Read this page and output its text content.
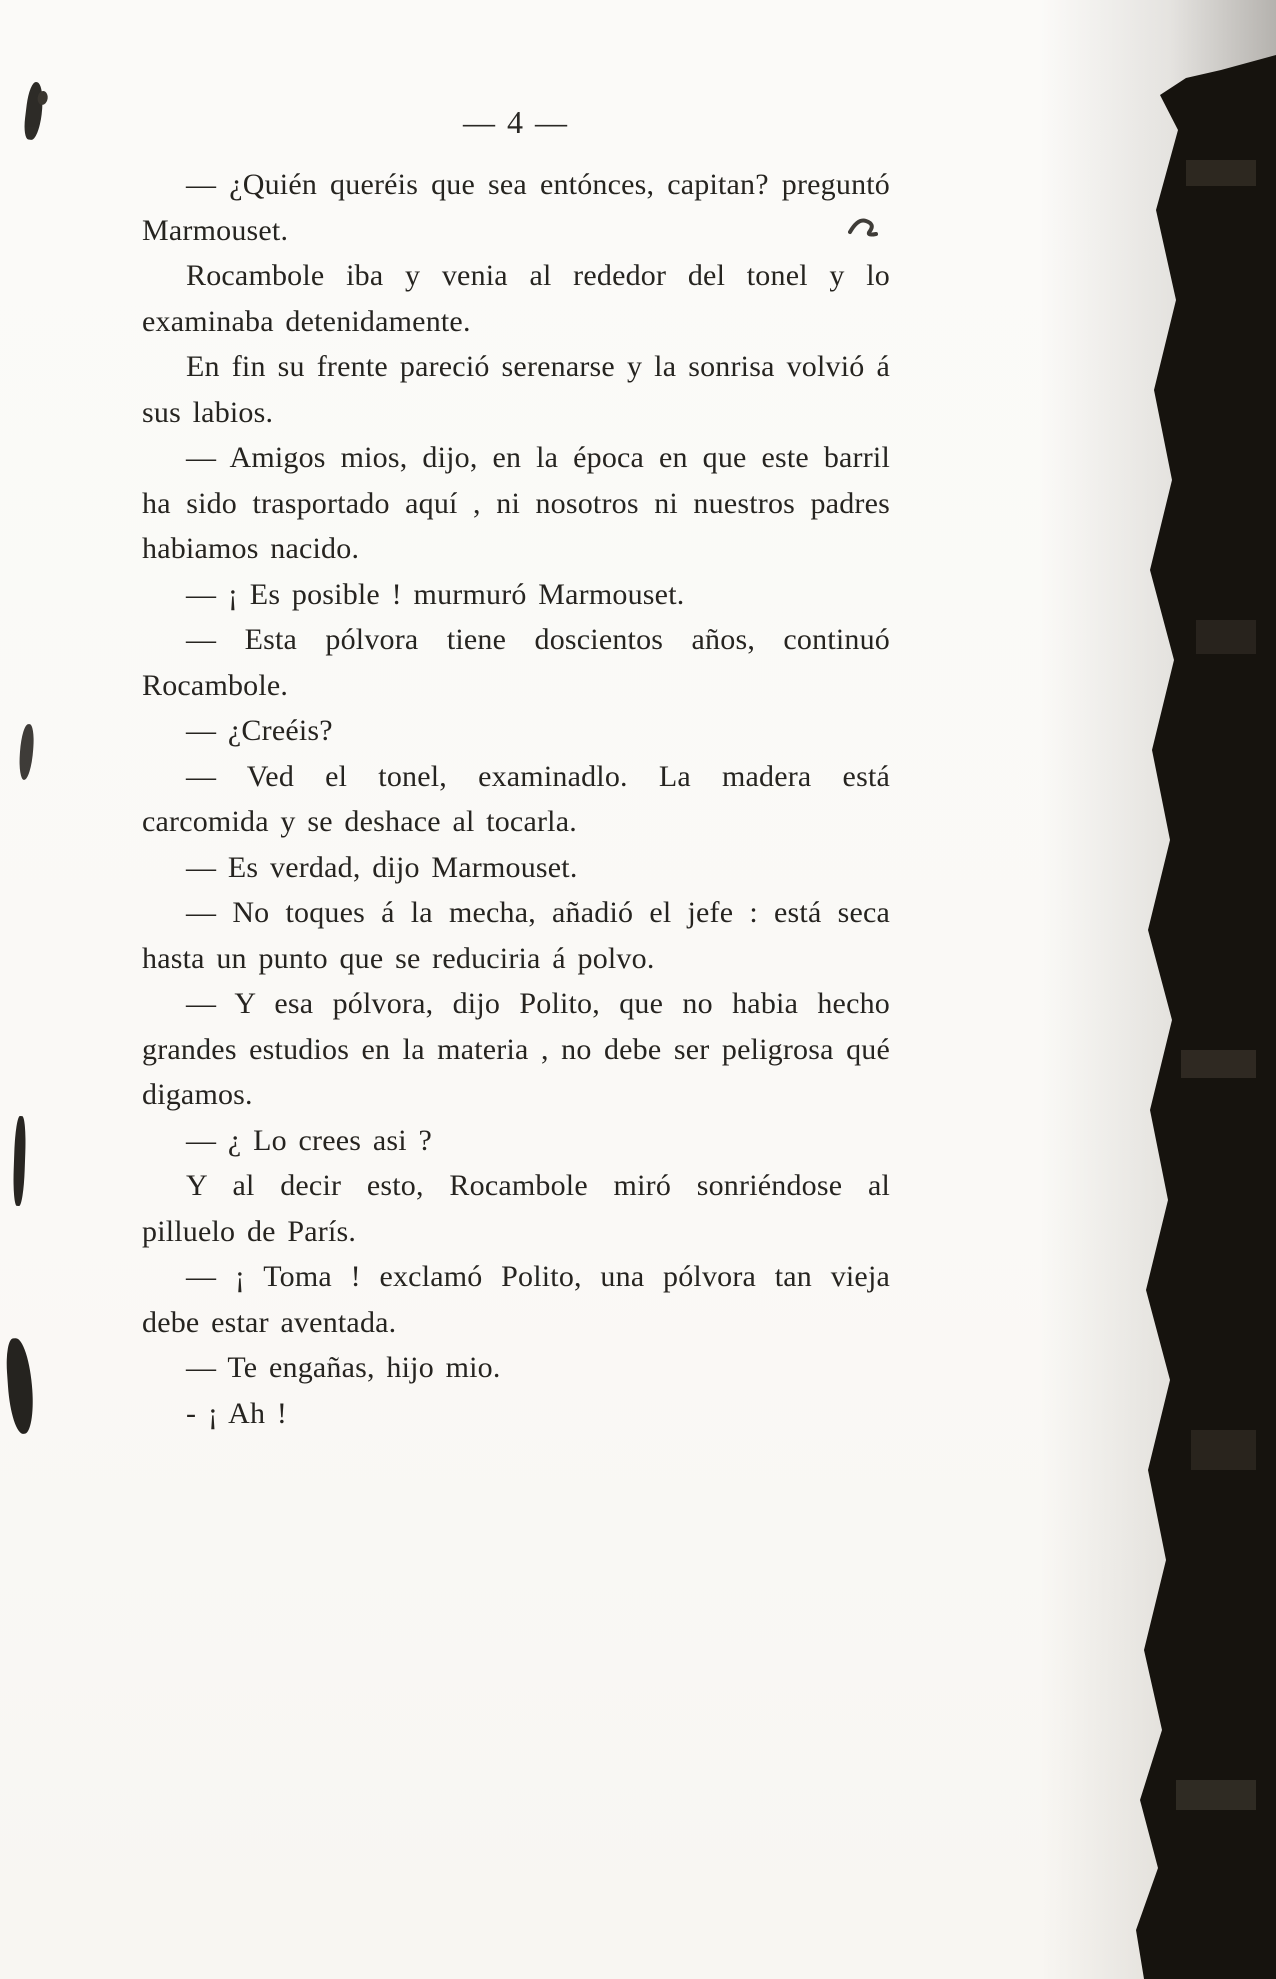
— 4 —

— ¿Quién queréis que sea entónces, capitan? preguntó Marmouset.

Rocambole iba y venia al rededor del tonel y lo examinaba detenidamente.

En fin su frente pareció serenarse y la sonrisa volvió á sus labios.

— Amigos mios, dijo, en la época en que este barril ha sido trasportado aquí , ni nosotros ni nuestros padres habiamos nacido.

— ¡ Es posible ! murmuró Marmouset.

— Esta pólvora tiene doscientos años, continuó Rocambole.

— ¿Creéis?

— Ved el tonel, examinadlo. La madera está carcomida y se deshace al tocarla.

— Es verdad, dijo Marmouset.

— No toques á la mecha, añadió el jefe : está seca hasta un punto que se reduciria á polvo.

— Y esa pólvora, dijo Polito, que no habia hecho grandes estudios en la materia , no debe ser peligrosa qué digamos.

— ¿ Lo crees asi ?

Y al decir esto, Rocambole miró sonriéndose al pilluelo de París.

— ¡ Toma ! exclamó Polito, una pólvora tan vieja debe estar aventada.

— Te engañas, hijo mio.

- ¡ Ah !
